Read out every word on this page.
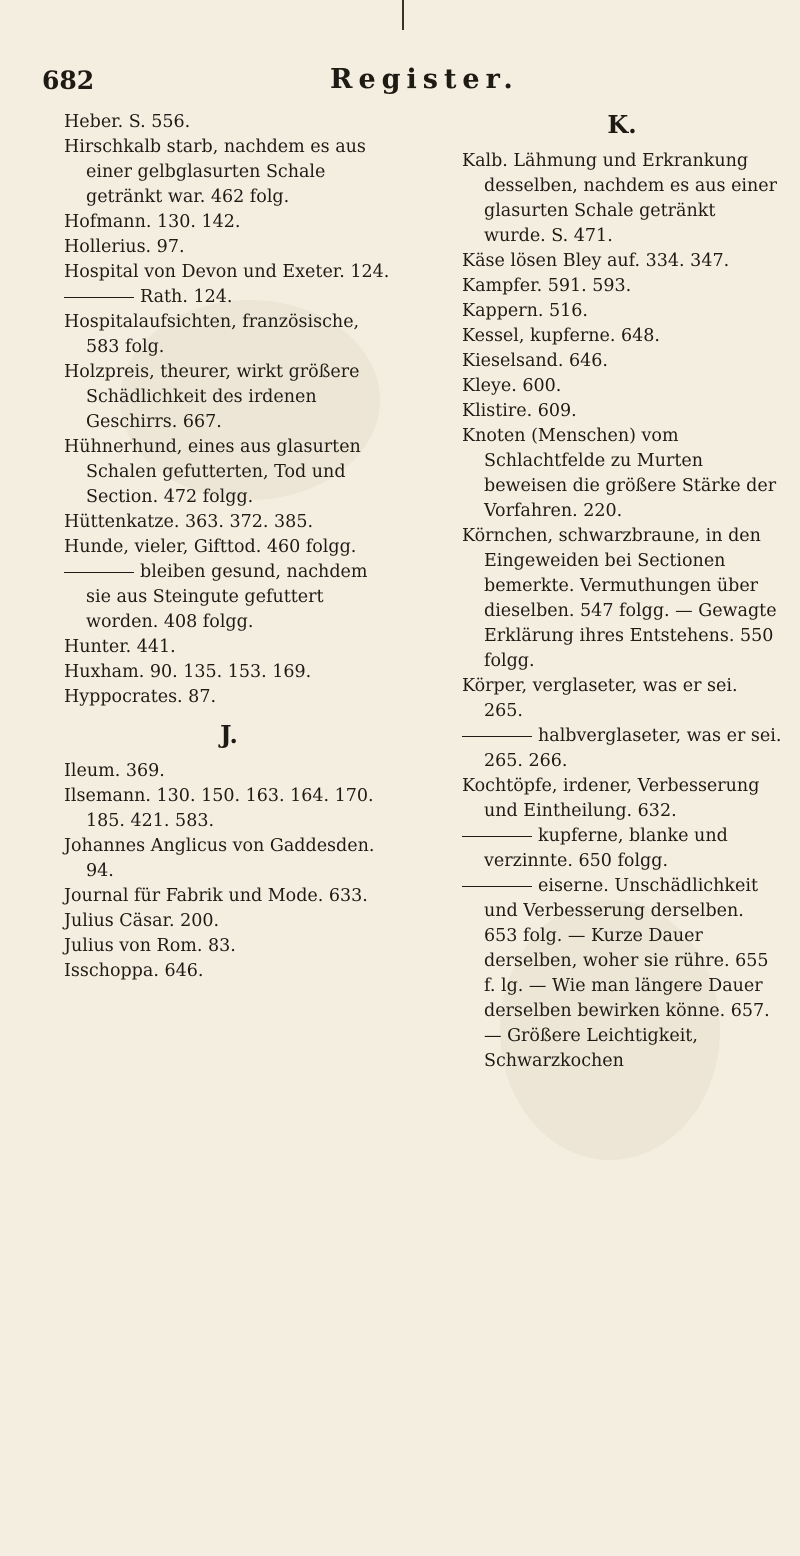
682	Register.

Heber. S. 556.

Hirschkalb starb, nachdem es aus einer gelbglasurten Schale getränkt war. 462 folg.

Hofmann. 130. 142.

Hollerius. 97.

Hospital von Devon und Exeter. 124.

Rath. 124.

Hospitalaufsichten, französische, 583 folg.

Holzpreis, theurer, wirkt größere Schädlichkeit des irdenen Geschirrs. 667.

Hühnerhund, eines aus glasurten Schalen gefutterten, Tod und Section. 472 folgg.

Hüttenkatze. 363. 372. 385.

Hunde, vieler, Gifttod. 460 folgg.

bleiben gesund, nachdem sie aus Steingute gefuttert worden. 408 folgg.

Hunter. 441.

Huxham. 90. 135. 153. 169.

Hyppocrates. 87.

J.

Ileum. 369.

Ilsemann. 130. 150. 163. 164. 170. 185. 421. 583.

Johannes Anglicus von Gaddesden. 94.

Journal für Fabrik und Mode. 633.

Julius Cäsar. 200.

Julius von Rom. 83.

Isschoppa. 646.

K.

Kalb. Lähmung und Erkrankung desselben, nachdem es aus einer glasurten Schale getränkt wurde. S. 471.

Käse lösen Bley auf. 334. 347.

Kampfer. 591. 593.

Kappern. 516.

Kessel, kupferne. 648.

Kieselsand. 646.

Kleye. 600.

Klistire. 609.

Knoten (Menschen) vom Schlachtfelde zu Murten beweisen die größere Stärke der Vorfahren. 220.

Körnchen, schwarzbraune, in den Eingeweiden bei Sectionen bemerkte. Vermuthungen über dieselben. 547 folgg. — Gewagte Erklärung ihres Entstehens. 550 folgg.

Körper, verglaseter, was er sei. 265.

halbverglaseter, was er sei. 265. 266.

Kochtöpfe, irdener, Verbesserung und Eintheilung. 632.

kupferne, blanke und verzinnte. 650 folgg.

eiserne. Unschädlichkeit und Verbesserung derselben. 653 folg. — Kurze Dauer derselben, woher sie rühre. 655 f. lg. — Wie man längere Dauer derselben bewirken könne. 657. — Größere Leichtigkeit, Schwarzkochen
